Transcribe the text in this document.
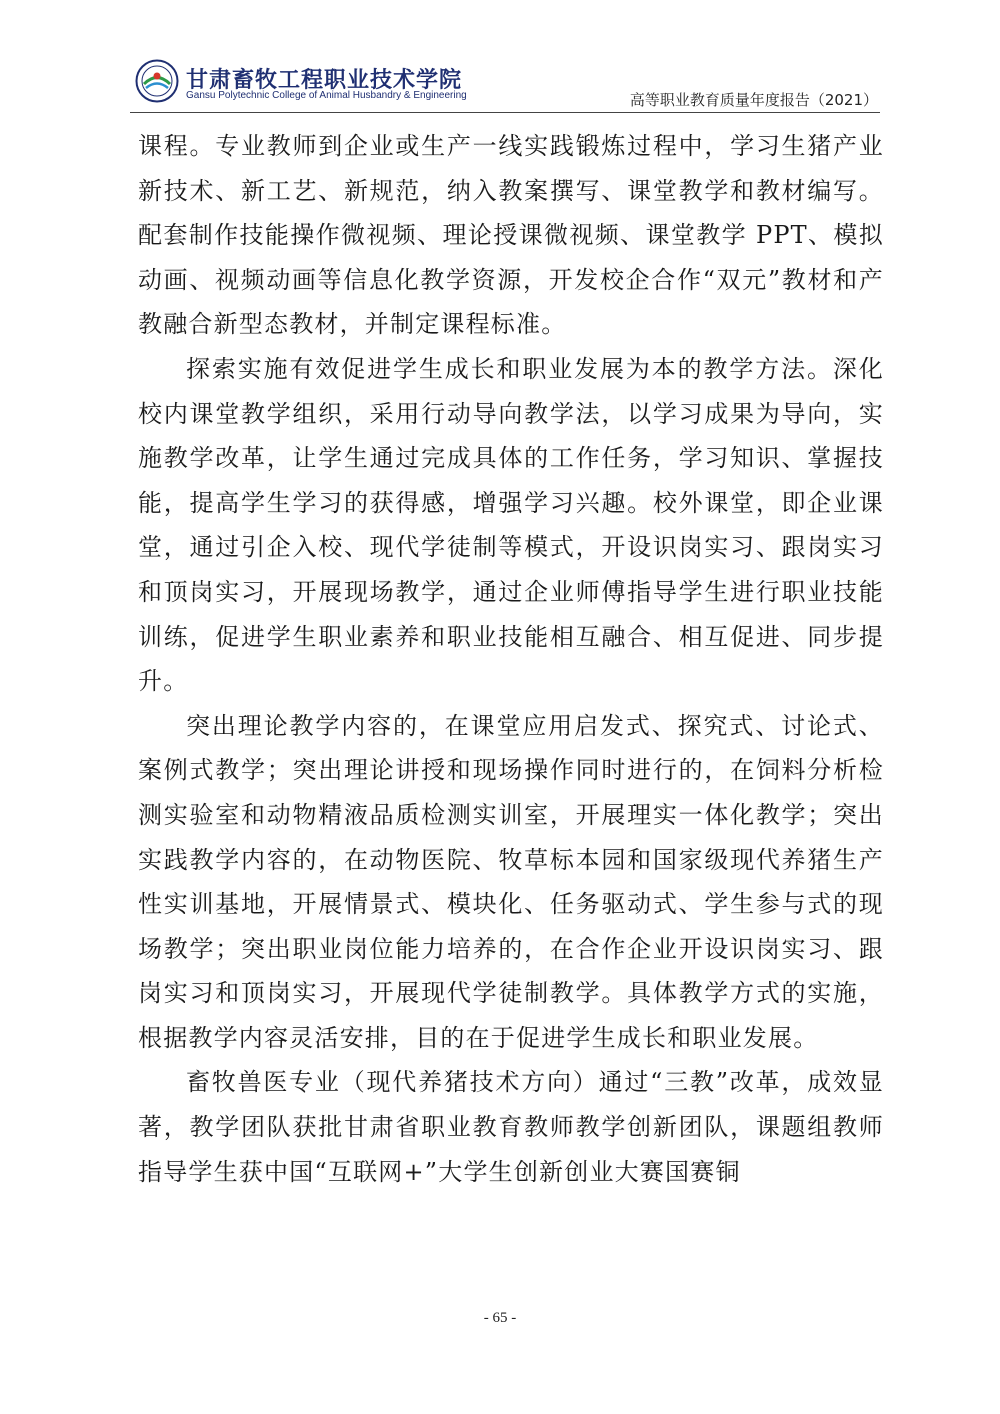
甘肃畜牧工程职业技术学院
Gansu Polytechnic College of Animal Husbandry & Engineering	高等职业教育质量年度报告（2021）

课程。专业教师到企业或生产一线实践锻炼过程中，学习生猪产业新技术、新工艺、新规范，纳入教案撰写、课堂教学和教材编写。配套制作技能操作微视频、理论授课微视频、课堂教学 PPT、模拟动画、视频动画等信息化教学资源，开发校企合作“双元”教材和产教融合新型态教材，并制定课程标准。

探索实施有效促进学生成长和职业发展为本的教学方法。深化校内课堂教学组织，采用行动导向教学法，以学习成果为导向，实施教学改革，让学生通过完成具体的工作任务，学习知识、掌握技能，提高学生学习的获得感，增强学习兴趣。校外课堂，即企业课堂，通过引企入校、现代学徒制等模式，开设识岗实习、跟岗实习和顶岗实习，开展现场教学，通过企业师傅指导学生进行职业技能训练，促进学生职业素养和职业技能相互融合、相互促进、同步提升。

突出理论教学内容的，在课堂应用启发式、探究式、讨论式、案例式教学；突出理论讲授和现场操作同时进行的，在饲料分析检测实验室和动物精液品质检测实训室，开展理实一体化教学；突出实践教学内容的，在动物医院、牧草标本园和国家级现代养猪生产性实训基地，开展情景式、模块化、任务驱动式、学生参与式的现场教学；突出职业岗位能力培养的，在合作企业开设识岗实习、跟岗实习和顶岗实习，开展现代学徒制教学。具体教学方式的实施，根据教学内容灵活安排，目的在于促进学生成长和职业发展。

畜牧兽医专业（现代养猪技术方向）通过“三教”改革，成效显著，教学团队获批甘肃省职业教育教师教学创新团队，课题组教师指导学生获中国“互联网+”大学生创新创业大赛国赛铜

- 65 -
